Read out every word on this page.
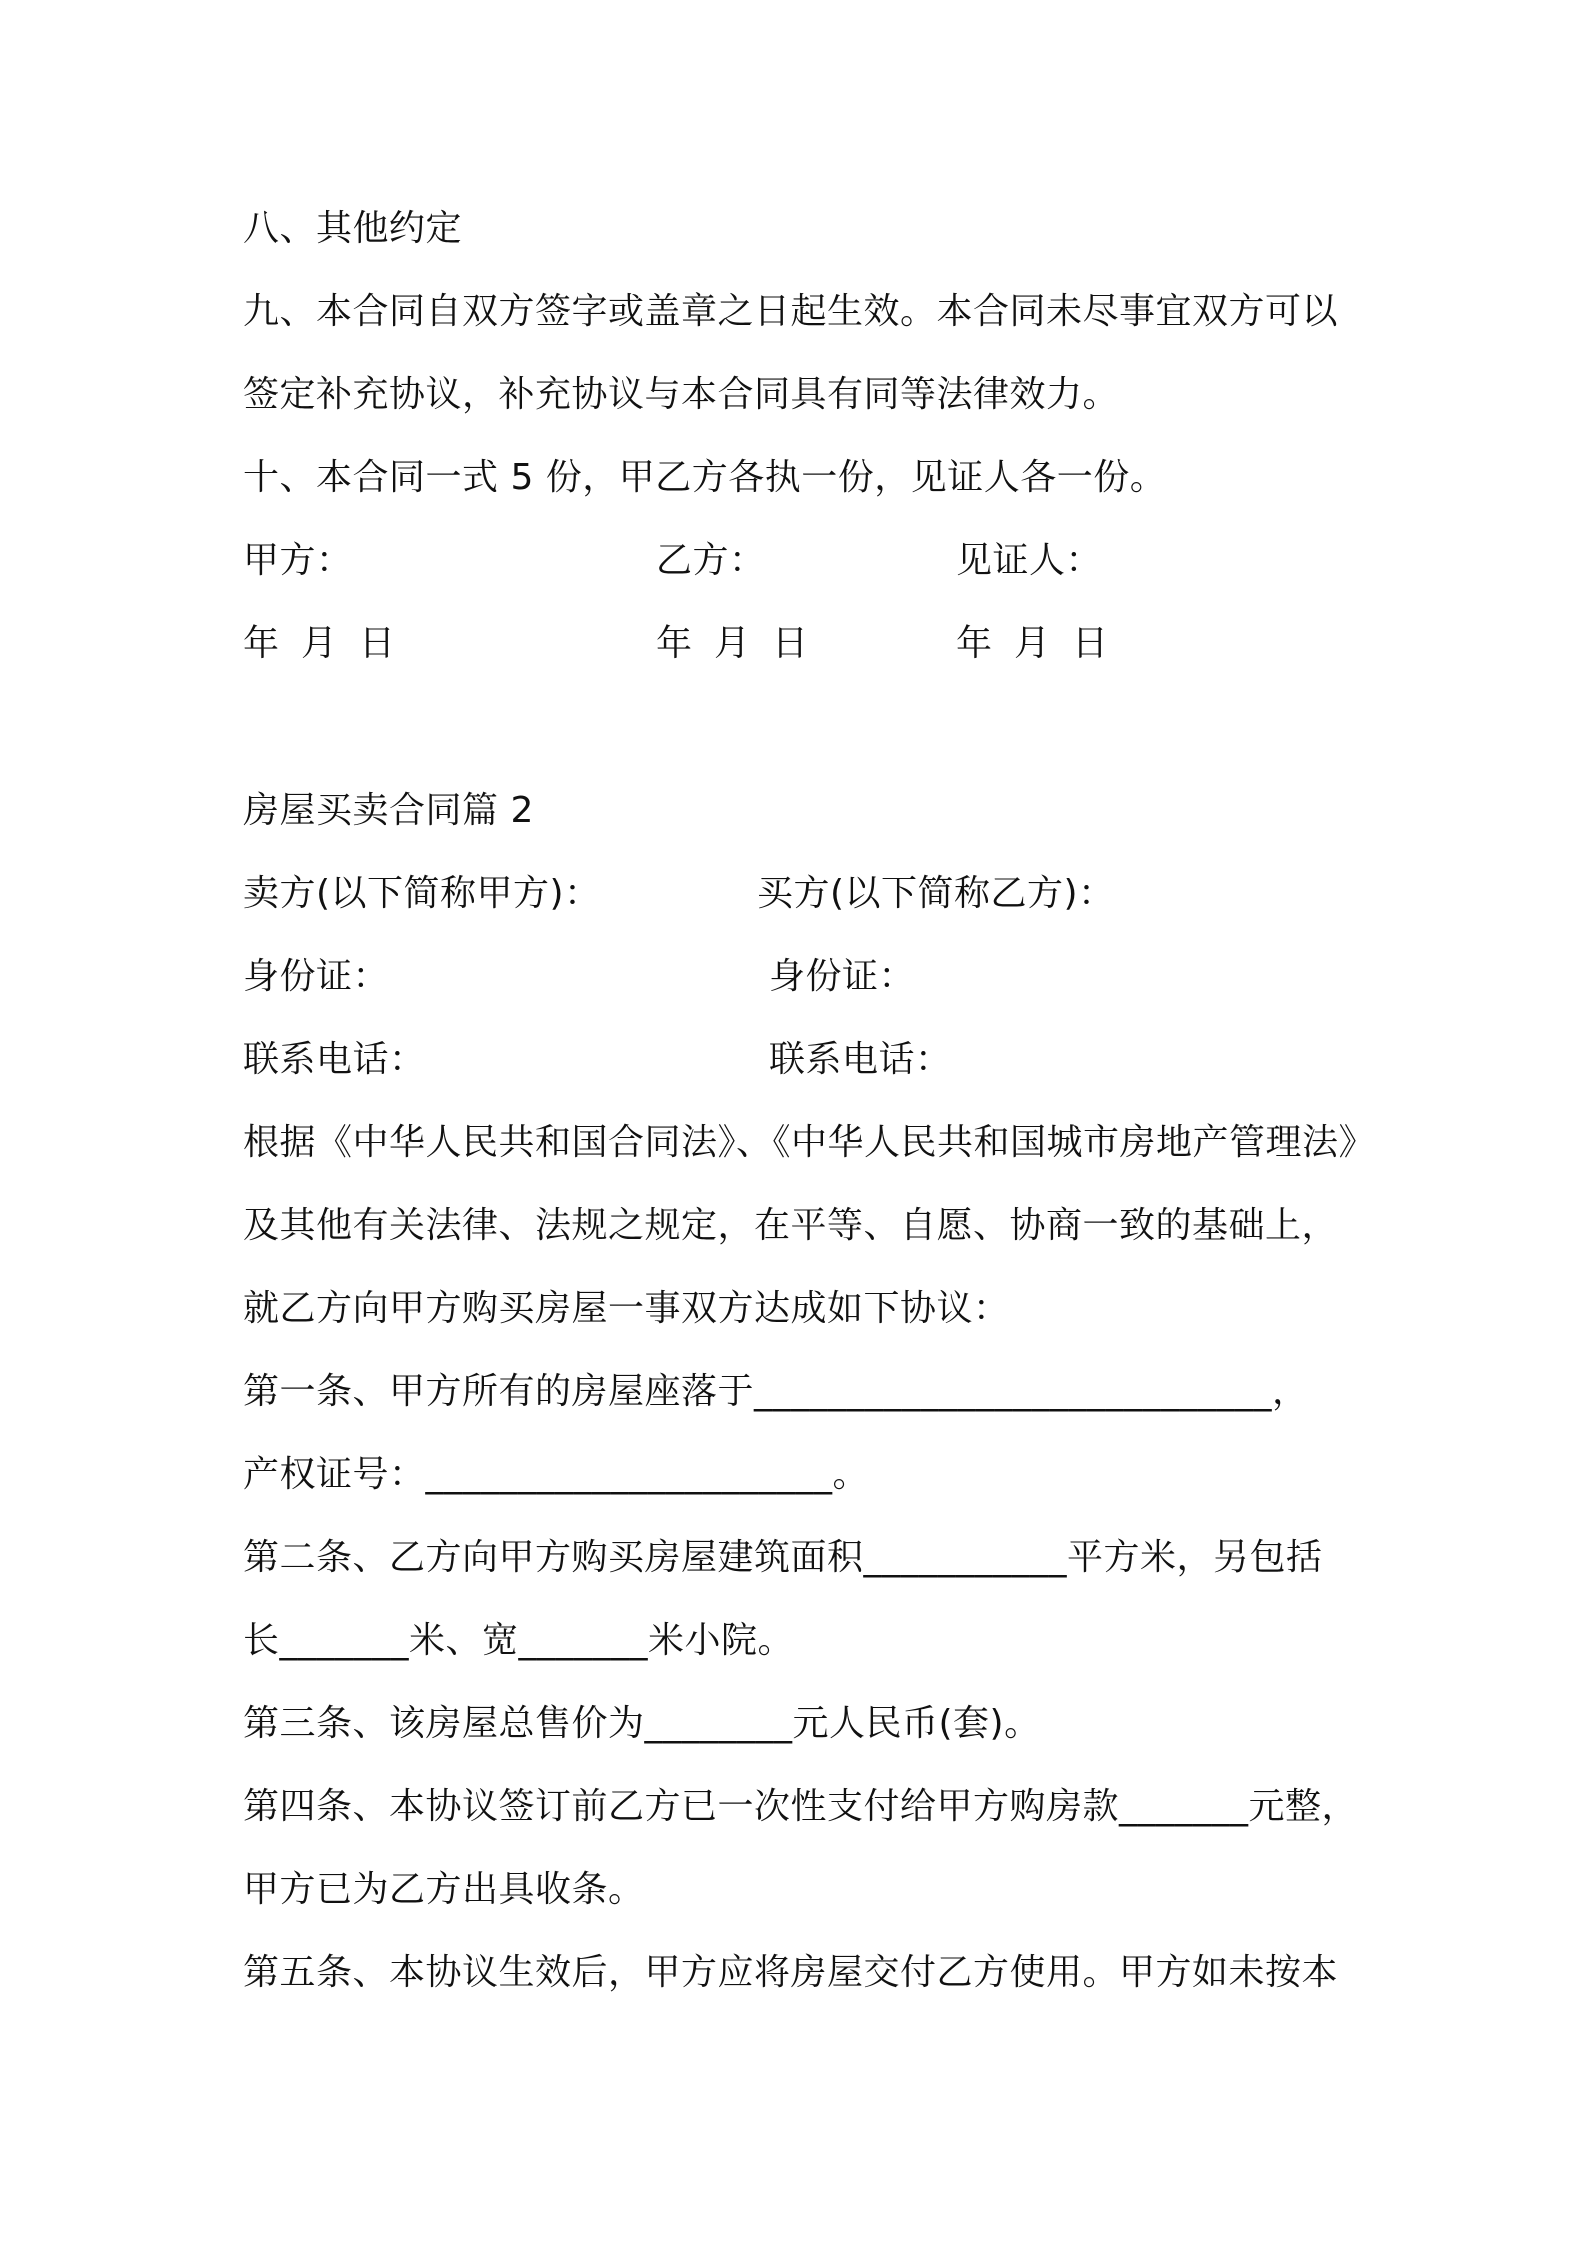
八、其他约定
九、本合同自双方签字或盖章之日起生效。本合同未尽事宜双方可以
签定补充协议，补充协议与本合同具有同等法律效力。
十、本合同一式 5 份，甲乙方各执一份，见证人各一份。
甲方：	乙方：	见证人：
年 月 日	年 月 日	年 月 日
房屋买卖合同篇 2
卖方(以下简称甲方)：	买方(以下简称乙方)：
身份证：	身份证：
联系电话：	联系电话：
根据《中华人民共和国合同法》、《中华人民共和国城市房地产管理法》
及其他有关法律、法规之规定，在平等、自愿、协商一致的基础上，
就乙方向甲方购买房屋一事双方达成如下协议：
第一条、甲方所有的房屋座落于____________________________，
产权证号：______________________。
第二条、乙方向甲方购买房屋建筑面积___________平方米，另包括
长_______米、宽_______米小院。
第三条、该房屋总售价为________元人民币(套)。
第四条、本协议签订前乙方已一次性支付给甲方购房款_______元整，
甲方已为乙方出具收条。
第五条、本协议生效后，甲方应将房屋交付乙方使用。甲方如未按本
